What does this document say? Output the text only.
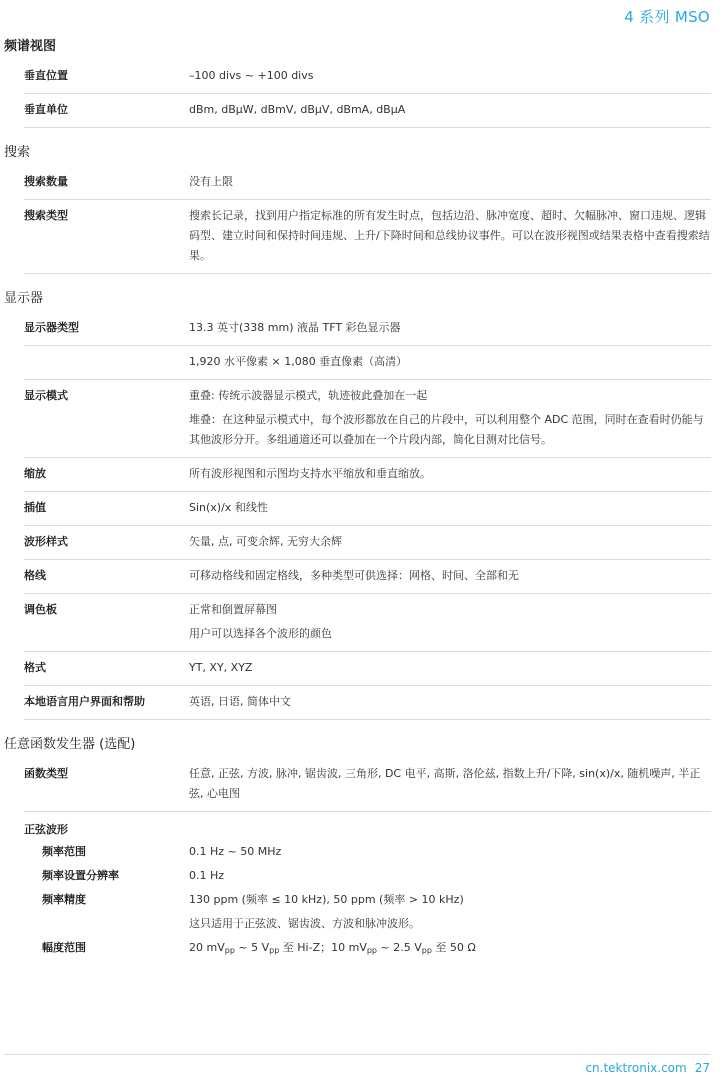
4 系列 MSO
频谱视图
垂直位置	–100 divs ~ +100 divs
垂直单位	dBm, dBµW, dBmV, dBµV, dBmA, dBµA
搜索
搜索数量	没有上限
搜索类型	搜索长记录，找到用户指定标准的所有发生时点，包括边沿、脉冲宽度、超时、欠幅脉冲、窗口违规、逻辑码型、建立时间和保持时间违规、上升/下降时间和总线协议事件。可以在波形视图或结果表格中查看搜索结果。
显示器
显示器类型	13.3 英寸(338 mm) 液晶 TFT 彩色显示器
1,920 水平像素 × 1,080 垂直像素（高清）
显示模式	重叠: 传统示波器显示模式，轨迹彼此叠加在一起

堆叠：在这种显示模式中，每个波形都放在自己的片段中，可以利用整个 ADC 范围，同时在查看时仍能与其他波形分开。多组通道还可以叠加在一个片段内部，简化目测对比信号。

缩放	所有波形视图和示图均支持水平缩放和垂直缩放。
插值	Sin(x)/x 和线性
波形样式	矢量, 点, 可变余辉, 无穷大余辉
格线	可移动格线和固定格线，多种类型可供选择：网格、时间、全部和无
调色板	正常和倒置屏幕图

用户可以选择各个波形的颜色

格式	YT, XY, XYZ
本地语言用户界面和帮助	英语, 日语, 简体中文
任意函数发生器 (选配)
函数类型	任意, 正弦, 方波, 脉冲, 锯齿波, 三角形, DC 电平, 高斯, 洛伦兹, 指数上升/下降, sin(x)/x, 随机噪声, 半正弦, 心电图
正弦波形
频率范围	0.1 Hz ~ 50 MHz
频率设置分辨率	0.1 Hz
频率精度	130 ppm (频率 ≤ 10 kHz), 50 ppm (频率 > 10 kHz)

这只适用于正弦波、锯齿波、方波和脉冲波形。

幅度范围	20 $mV_{pp}$ ~ 5 $V_{pp}$ 至 Hi-Z；10 $mV_{pp}$ ~ 2.5 $V_{pp}$ 至 50 Ω
cn.tektronix.com 27
